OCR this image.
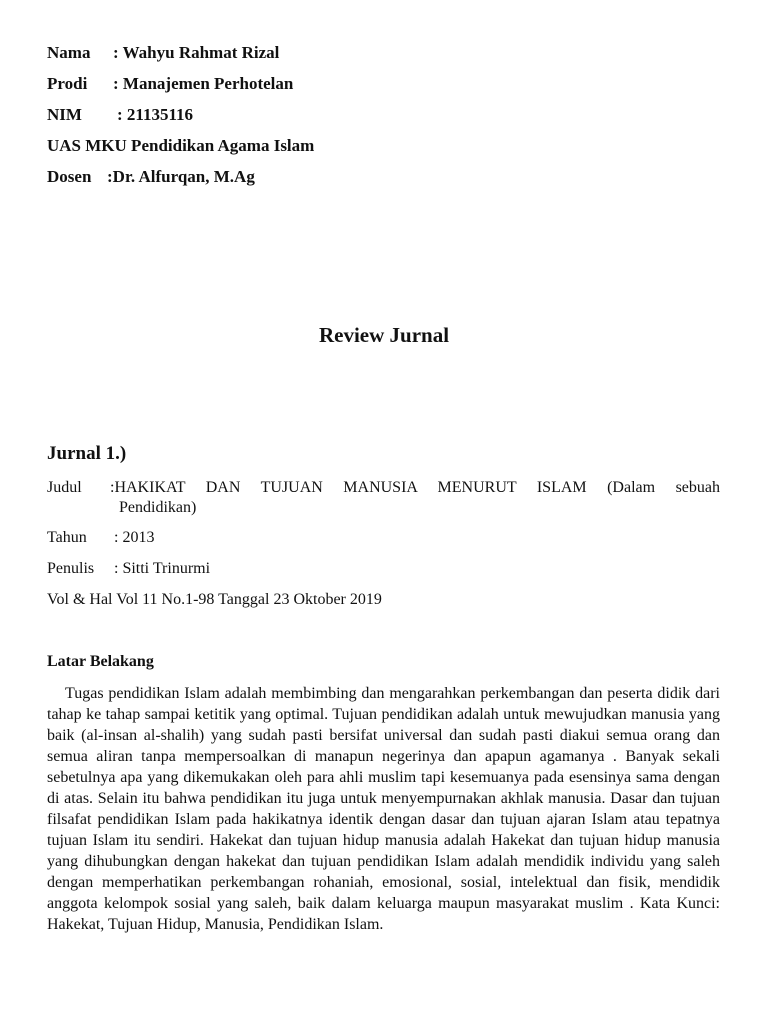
Nama : Wahyu Rahmat Rizal
Prodi : Manajemen Perhotelan
NIM : 21135116
UAS MKU Pendidikan Agama Islam
Dosen :Dr. Alfurqan, M.Ag
Review Jurnal
Jurnal 1.)
Judul :HAKIKAT DAN TUJUAN MANUSIA MENURUT ISLAM (Dalam sebuah
Pendidikan)
Tahun : 2013
Penulis : Sitti Trinurmi
Vol & Hal Vol 11 No.1-98 Tanggal 23 Oktober 2019
Latar Belakang
Tugas pendidikan Islam adalah membimbing dan mengarahkan perkembangan dan peserta didik dari tahap ke tahap sampai ketitik yang optimal. Tujuan pendidikan adalah untuk mewujudkan manusia yang baik (al-insan al-shalih) yang sudah pasti bersifat universal dan sudah pasti diakui semua orang dan semua aliran tanpa mempersoalkan di manapun negerinya dan apapun agamanya . Banyak sekali sebetulnya apa yang dikemukakan oleh para ahli muslim tapi kesemuanya pada esensinya sama dengan di atas. Selain itu bahwa pendidikan itu juga untuk menyempurnakan akhlak manusia. Dasar dan tujuan filsafat pendidikan Islam pada hakikatnya identik dengan dasar dan tujuan ajaran Islam atau tepatnya tujuan Islam itu sendiri. Hakekat dan tujuan hidup manusia adalah Hakekat dan tujuan hidup manusia yang dihubungkan dengan hakekat dan tujuan pendidikan Islam adalah mendidik individu yang saleh dengan memperhatikan perkembangan rohaniah, emosional, sosial, intelektual dan fisik, mendidik anggota kelompok sosial yang saleh, baik dalam keluarga maupun masyarakat muslim . Kata Kunci: Hakekat, Tujuan Hidup, Manusia, Pendidikan Islam.
